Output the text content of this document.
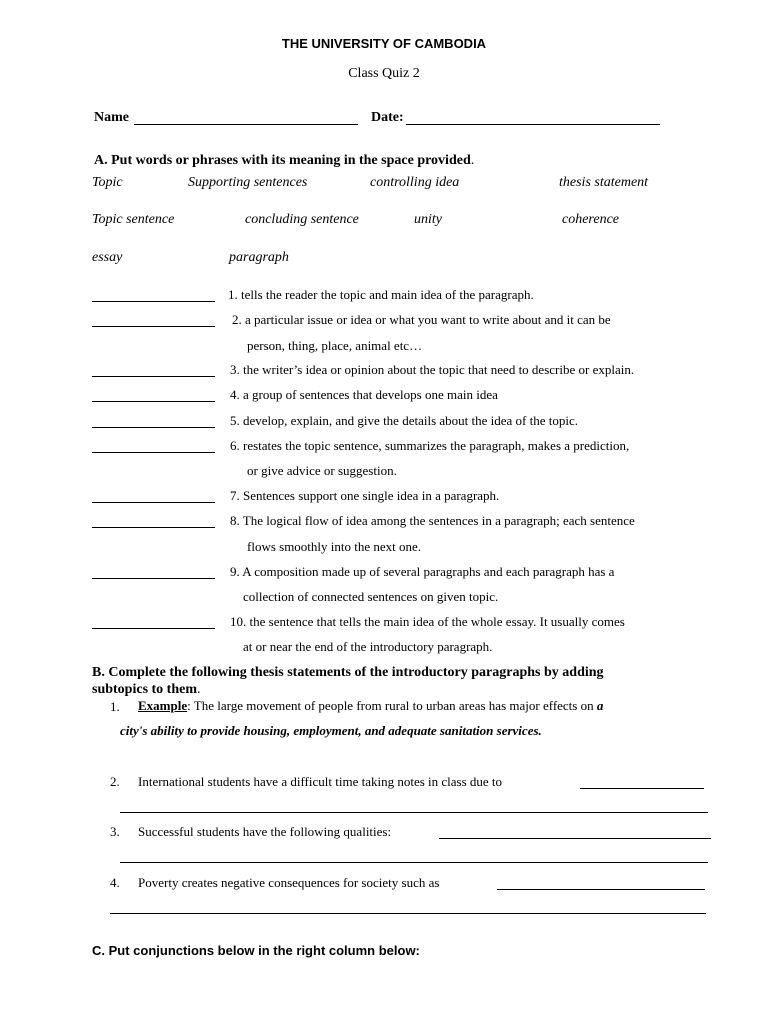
THE UNIVERSITY OF CAMBODIA
Class Quiz 2
Name	Date:
A. Put words or phrases with its meaning in the space provided.
Topic	Supporting sentences	controlling idea	thesis statement
Topic sentence	concluding sentence	unity	coherence
essay	paragraph
1. tells the reader the topic and main idea of the paragraph.
2. a particular issue or idea or what you want to write about and it can be
person, thing, place, animal etc…
3. the writer’s idea or opinion about the topic that need to describe or explain.
4. a group of sentences that develops one main idea
5. develop, explain, and give the details about the idea of the topic.
6. restates the topic sentence, summarizes the paragraph, makes a prediction,
or give advice or suggestion.
7. Sentences support one single idea in a paragraph.
8. The logical flow of idea among the sentences in a paragraph; each sentence
flows smoothly into the next one.
9. A composition made up of several paragraphs and each paragraph has a
collection of connected sentences on given topic.
10. the sentence that tells the main idea of the whole essay. It usually comes
at or near the end of the introductory paragraph.
B. Complete the following thesis statements of the introductory paragraphs by adding
subtopics to them.
1. Example: The large movement of people from rural to urban areas has major effects on a
city's ability to provide housing, employment, and adequate sanitation services.
2. International students have a difficult time taking notes in class due to
3. Successful students have the following qualities:
4. Poverty creates negative consequences for society such as
C. Put conjunctions below in the right column below:
